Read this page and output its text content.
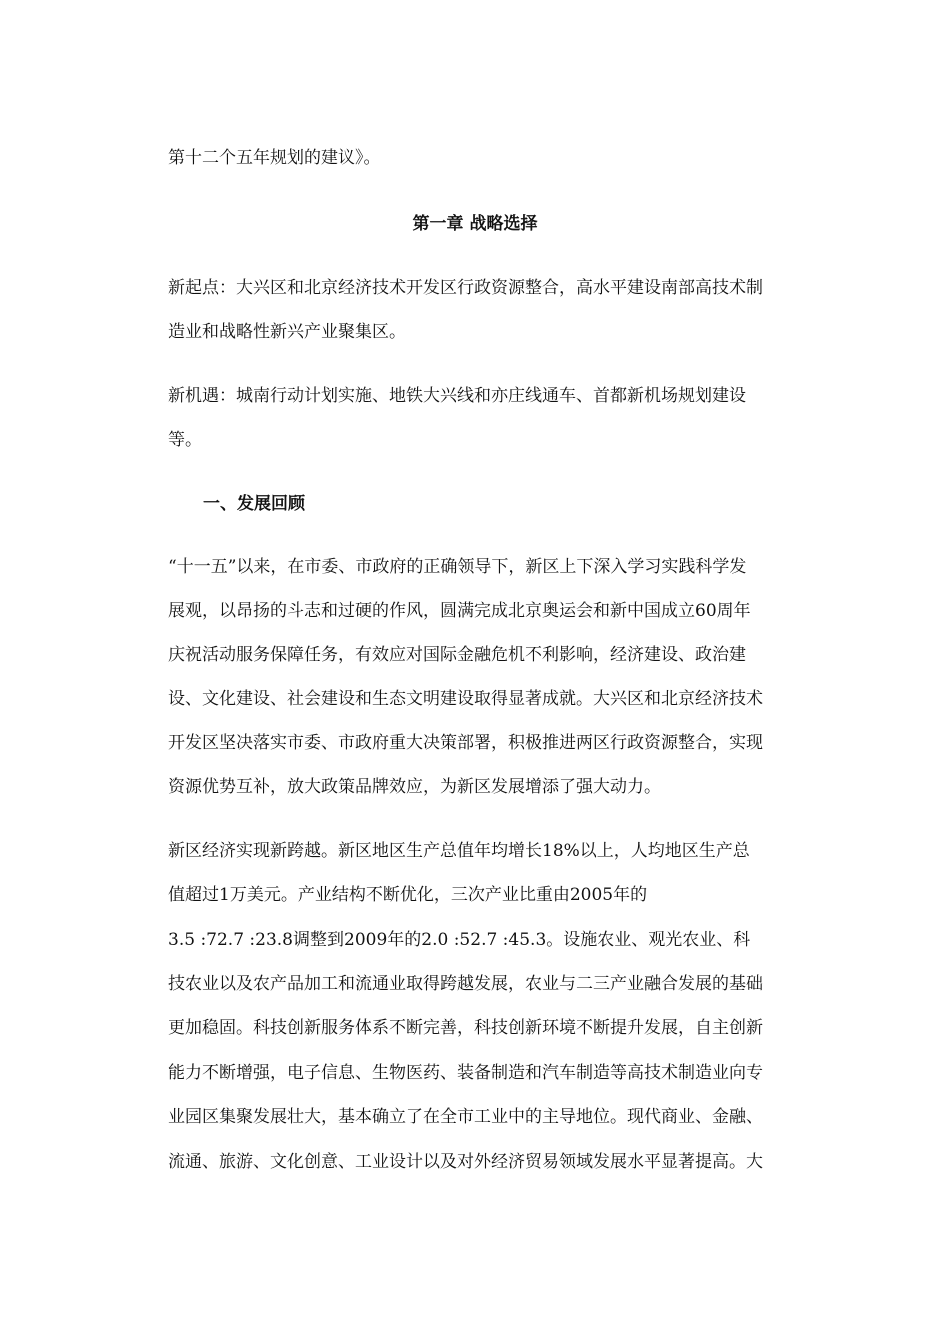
第十二个五年规划的建议》。
第一章 战略选择
新起点：大兴区和北京经济技术开发区行政资源整合，高水平建设南部高技术制
造业和战略性新兴产业聚集区。
新机遇：城南行动计划实施、地铁大兴线和亦庄线通车、首都新机场规划建设
等。
一、发展回顾
“十一五”以来，在市委、市政府的正确领导下，新区上下深入学习实践科学发
展观，以昂扬的斗志和过硬的作风，圆满完成北京奥运会和新中国成立60周年
庆祝活动服务保障任务，有效应对国际金融危机不利影响，经济建设、政治建
设、文化建设、社会建设和生态文明建设取得显著成就。大兴区和北京经济技术
开发区坚决落实市委、市政府重大决策部署，积极推进两区行政资源整合，实现
资源优势互补，放大政策品牌效应，为新区发展增添了强大动力。
新区经济实现新跨越。新区地区生产总值年均增长18%以上，人均地区生产总
值超过1万美元。产业结构不断优化，三次产业比重由2005年的
3.5 :72.7 :23.8调整到2009年的2.0 :52.7 :45.3。设施农业、观光农业、科
技农业以及农产品加工和流通业取得跨越发展，农业与二三产业融合发展的基础
更加稳固。科技创新服务体系不断完善，科技创新环境不断提升发展，自主创新
能力不断增强，电子信息、生物医药、装备制造和汽车制造等高技术制造业向专
业园区集聚发展壮大，基本确立了在全市工业中的主导地位。现代商业、金融、
流通、旅游、文化创意、工业设计以及对外经济贸易领域发展水平显著提高。大
